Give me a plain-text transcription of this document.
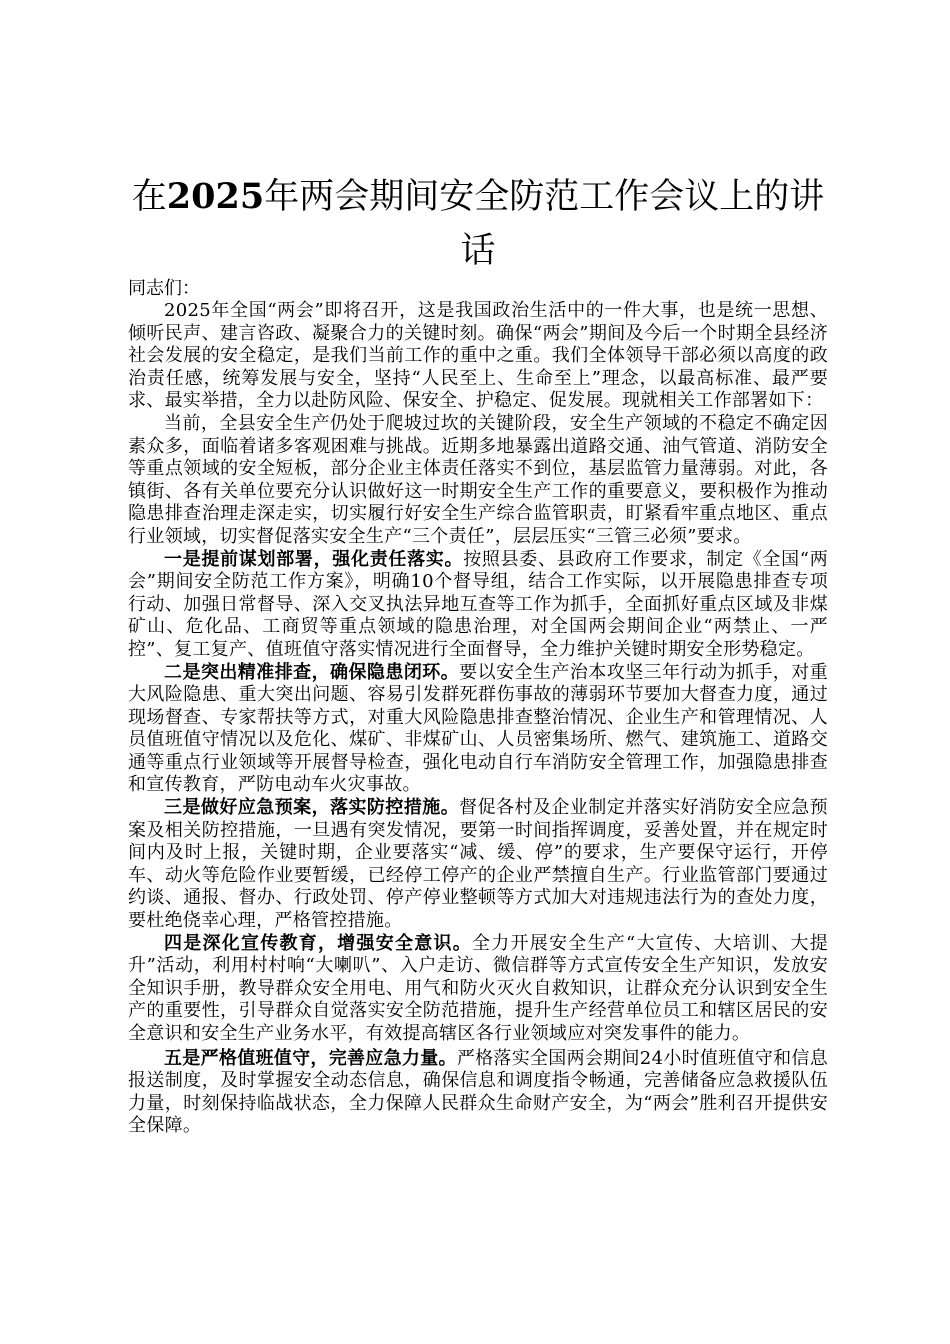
在2025年两会期间安全防范工作会议上的讲话

同志们：

2025年全国“两会”即将召开，这是我国政治生活中的一件大事，也是统一思想、倾听民声、建言咨政、凝聚合力的关键时刻。确保“两会”期间及今后一个时期全县经济社会发展的安全稳定，是我们当前工作的重中之重。我们全体领导干部必须以高度的政治责任感，统筹发展与安全，坚持“人民至上、生命至上”理念，以最高标准、最严要求、最实举措，全力以赴防风险、保安全、护稳定、促发展。现就相关工作部署如下：

当前，全县安全生产仍处于爬坡过坎的关键阶段，安全生产领域的不稳定不确定因素众多，面临着诸多客观困难与挑战。近期多地暴露出道路交通、油气管道、消防安全等重点领域的安全短板，部分企业主体责任落实不到位，基层监管力量薄弱。对此，各镇街、各有关单位要充分认识做好这一时期安全生产工作的重要意义，要积极作为推动隐患排查治理走深走实，切实履行好安全生产综合监管职责，盯紧看牢重点地区、重点行业领域，切实督促落实安全生产“三个责任”，层层压实“三管三必须”要求。

一是提前谋划部署，强化责任落实。按照县委、县政府工作要求，制定《全国“两会”期间安全防范工作方案》，明确10个督导组，结合工作实际，以开展隐患排查专项行动、加强日常督导、深入交叉执法异地互查等工作为抓手，全面抓好重点区域及非煤矿山、危化品、工商贸等重点领域的隐患治理，对全国两会期间企业“两禁止、一严控”、复工复产、值班值守落实情况进行全面督导，全力维护关键时期安全形势稳定。

二是突出精准排查，确保隐患闭环。要以安全生产治本攻坚三年行动为抓手，对重大风险隐患、重大突出问题、容易引发群死群伤事故的薄弱环节要加大督查力度，通过现场督查、专家帮扶等方式，对重大风险隐患排查整治情况、企业生产和管理情况、人员值班值守情况以及危化、煤矿、非煤矿山、人员密集场所、燃气、建筑施工、道路交通等重点行业领域等开展督导检查，强化电动自行车消防安全管理工作，加强隐患排查和宣传教育，严防电动车火灾事故。

三是做好应急预案，落实防控措施。督促各村及企业制定并落实好消防安全应急预案及相关防控措施，一旦遇有突发情况，要第一时间指挥调度，妥善处置，并在规定时间内及时上报，关键时期，企业要落实“减、缓、停”的要求，生产要保守运行，开停车、动火等危险作业要暂缓，已经停工停产的企业严禁擅自生产。行业监管部门要通过约谈、通报、督办、行政处罚、停产停业整顿等方式加大对违规违法行为的查处力度，要杜绝侥幸心理，严格管控措施。

四是深化宣传教育，增强安全意识。全力开展安全生产“大宣传、大培训、大提升”活动，利用村村响“大喇叭”、入户走访、微信群等方式宣传安全生产知识，发放安全知识手册，教导群众安全用电、用气和防火灭火自救知识，让群众充分认识到安全生产的重要性，引导群众自觉落实安全防范措施，提升生产经营单位员工和辖区居民的安全意识和安全生产业务水平，有效提高辖区各行业领域应对突发事件的能力。

五是严格值班值守，完善应急力量。严格落实全国两会期间24小时值班值守和信息报送制度，及时掌握安全动态信息，确保信息和调度指令畅通，完善储备应急救援队伍力量，时刻保持临战状态，全力保障人民群众生命财产安全，为“两会”胜利召开提供安全保障。
